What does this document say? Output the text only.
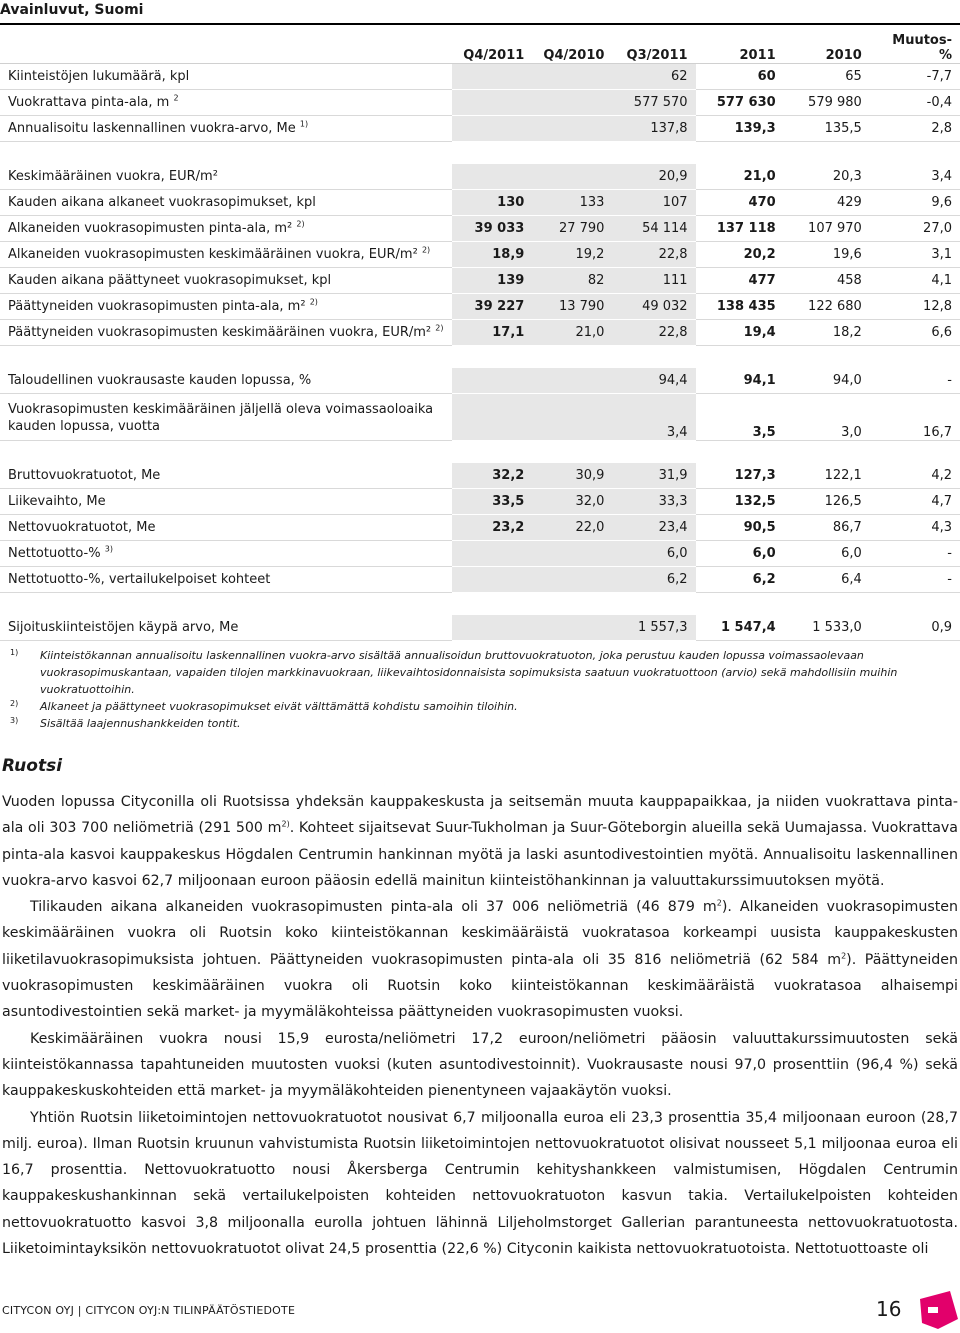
Avainluvut, Suomi
	Q4/2011	Q4/2010	Q3/2011	2011	2010	Muutos-
%
Kiinteistöjen lukumäärä, kpl			62	60	65	-7,7
Vuokrattava pinta-ala, m $^2$			577 570	577 630	579 980	-0,4
Annualisoitu laskennallinen vuokra-arvo, Me $^{1)}$			137,8	139,3	135,5	2,8

Keskimääräinen vuokra, EUR/m²			20,9	21,0	20,3	3,4
Kauden aikana alkaneet vuokrasopimukset, kpl	130	133	107	470	429	9,6
Alkaneiden vuokrasopimusten pinta-ala, m² $^{2)}$	39 033	27 790	54 114	137 118	107 970	27,0
Alkaneiden vuokrasopimusten keskimääräinen vuokra, EUR/m² $^{2)}$	18,9	19,2	22,8	20,2	19,6	3,1
Kauden aikana päättyneet vuokrasopimukset, kpl	139	82	111	477	458	4,1
Päättyneiden vuokrasopimusten pinta-ala, m² $^{2)}$	39 227	13 790	49 032	138 435	122 680	12,8
Päättyneiden vuokrasopimusten keskimääräinen vuokra, EUR/m² $^{2)}$	17,1	21,0	22,8	19,4	18,2	6,6

Taloudellinen vuokrausaste kauden lopussa, %			94,4	94,1	94,0	-
Vuokrasopimusten keskimääräinen jäljellä oleva voimassaoloaika kauden lopussa, vuotta			3,4	3,5	3,0	16,7

Bruttovuokratuotot, Me	32,2	30,9	31,9	127,3	122,1	4,2
Liikevaihto, Me	33,5	32,0	33,3	132,5	126,5	4,7
Nettovuokratuotot, Me	23,2	22,0	23,4	90,5	86,7	4,3
Nettotuotto-% $^{3)}$			6,0	6,0	6,0	-
Nettotuotto-%, vertailukelpoiset kohteet			6,2	6,2	6,4	-

Sijoituskiinteistöjen käypä arvo, Me			1 557,3	1 547,4	1 533,0	0,9
1) Kiinteistökannan annualisoitu laskennallinen vuokra-arvo sisältää annualisoidun bruttovuokratuoton, joka perustuu kauden lopussa voimassaolevaan vuokrasopimuskantaan, vapaiden tilojen markkinavuokraan, liikevaihtosidonnaisista sopimuksista saatuun vuokratuottoon (arvio) sekä mahdollisiin muihin vuokratuottoihin.
2) Alkaneet ja päättyneet vuokrasopimukset eivät välttämättä kohdistu samoihin tiloihin.
3) Sisältää laajennushankkeiden tontit.
Ruotsi

Vuoden lopussa Cityconilla oli Ruotsissa yhdeksän kauppakeskusta ja seitsemän muuta kauppapaikkaa, ja niiden vuokrattava pinta-ala oli 303 700 neliömetriä (291 500 $m^{2)}$. Kohteet sijaitsevat Suur-Tukholman ja Suur-Göteborgin alueilla sekä Uumajassa. Vuokrattava pinta-ala kasvoi kauppakeskus Högdalen Centrumin hankinnan myötä ja laski asuntodivestointien myötä. Annualisoitu laskennallinen vuokra-arvo kasvoi 62,7 miljoonaan euroon pääosin edellä mainitun kiinteistöhankinnan ja valuuttakurssimuutoksen myötä.

Tilikauden aikana alkaneiden vuokrasopimusten pinta-ala oli 37 006 neliömetriä (46 879 $m^2$). Alkaneiden vuokrasopimusten keskimääräinen vuokra oli Ruotsin koko kiinteistökannan keskimääräistä vuokratasoa korkeampi uusista kauppakeskusten liiketilavuokrasopimuksista johtuen. Päättyneiden vuokrasopimusten pinta-ala oli 35 816 neliömetriä (62 584 $m^2$). Päättyneiden vuokrasopimusten keskimääräinen vuokra oli Ruotsin koko kiinteistökannan keskimääräistä vuokratasoa alhaisempi asuntodivestointien sekä market- ja myymäläkohteissa päättyneiden vuokrasopimusten vuoksi.

Keskimääräinen vuokra nousi 15,9 eurosta/neliömetri 17,2 euroon/neliömetri pääosin valuuttakurssimuutosten sekä kiinteistökannassa tapahtuneiden muutosten vuoksi (kuten asuntodivestoinnit). Vuokrausaste nousi 97,0 prosenttiin (96,4 %) sekä kauppakeskuskohteiden että market- ja myymäläkohteiden pienentyneen vajaakäytön vuoksi.

Yhtiön Ruotsin liiketoimintojen nettovuokratuotot nousivat 6,7 miljoonalla euroa eli 23,3 prosenttia 35,4 miljoonaan euroon (28,7 milj. euroa). Ilman Ruotsin kruunun vahvistumista Ruotsin liiketoimintojen nettovuokratuotot olisivat nousseet 5,1 miljoonaa euroa eli 16,7 prosenttia. Nettovuokratuotto nousi Åkersberga Centrumin kehityshankkeen valmistumisen, Högdalen Centrumin kauppakeskushankinnan sekä vertailukelpoisten kohteiden nettovuokratuoton kasvun takia. Vertailukelpoisten kohteiden nettovuokratuotto kasvoi 3,8 miljoonalla eurolla johtuen lähinnä Liljeholmstorget Gallerian parantuneesta nettovuokratuotosta. Liiketoimintayksikön nettovuokratuotot olivat 24,5 prosenttia (22,6 %) Cityconin kaikista nettovuokratuotoista. Nettotuottoaste oli

CITYCON OYJ | CITYCON OYJ:N TILINPÄÄTÖSTIEDOTE	16
